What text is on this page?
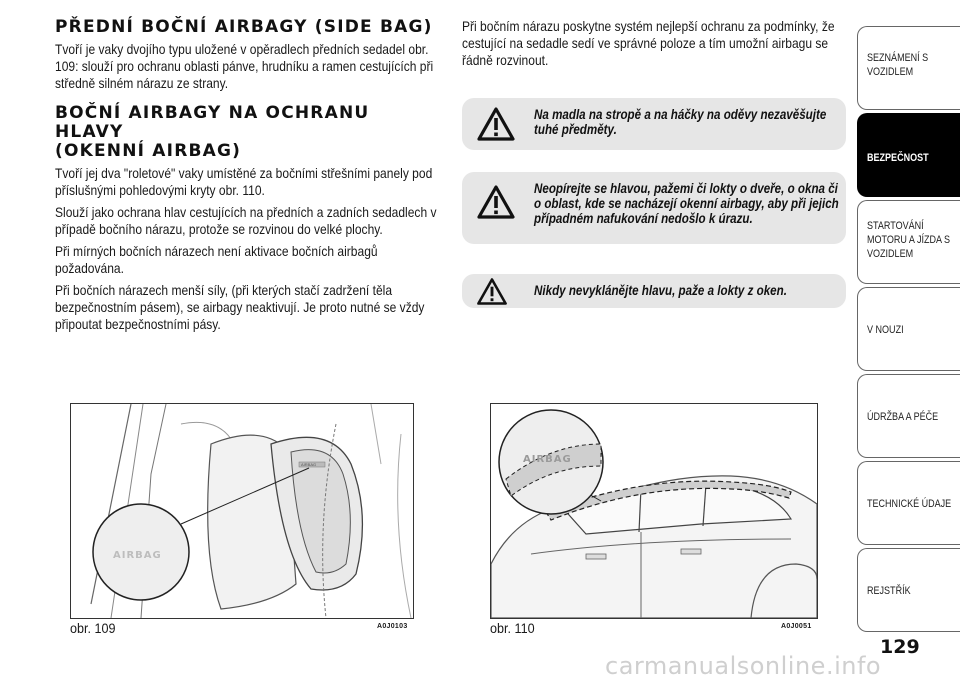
PŘEDNÍ BOČNÍ AIRBAGY (SIDE BAG)

Tvoří je vaky dvojího typu uložené v opěradlech předních sedadel obr. 109: slouží pro ochranu oblasti pánve, hrudníku a ramen cestujících při středně silném nárazu ze strany.

BOČNÍ AIRBAGY NA OCHRANU HLAVY
(OKENNÍ AIRBAG)

Tvoří jej dva "roletové" vaky umístěné za bočními střešními panely pod příslušnými pohledovými kryty obr. 110.

Slouží jako ochrana hlav cestujících na předních a zadních sedadlech v případě bočního nárazu, protože se rozvinou do velké plochy.

Při mírných bočních nárazech není aktivace bočních airbagů požadována.

Při bočních nárazech menší síly, (při kterých stačí zadržení těla bezpečnostním pásem), se airbagy neaktivují. Je proto nutné se vždy připoutat bezpečnostními pásy.

Při bočním nárazu poskytne systém nejlepší ochranu za podmínky, že cestující na sedadle sedí ve správné poloze a tím umožní airbagu se řádně rozvinout.

Na madla na stropě a na háčky na oděvy nezavěšujte tuhé předměty.
Neopírejte se hlavou, pažemi či lokty o dveře, o okna či o oblast, kde se nacházejí okenní airbagy, aby při jejich případném nafukování nedošlo k úrazu.
Nikdy nevyklánějte hlavu, paže a lokty z oken.
AIRBAG
AIRBAG
obr. 109	A0J0103
AIRBAG
obr. 110	A0J0051
SEZNÁMENÍ S
VOZIDLEM
BEZPEČNOST
STARTOVÁNÍ
MOTORU A JÍZDA S
VOZIDLEM
V NOUZI
ÚDRŽBA A PÉČE
TECHNICKÉ ÚDAJE
REJSTŘÍK
129
carmanualsonline.info
